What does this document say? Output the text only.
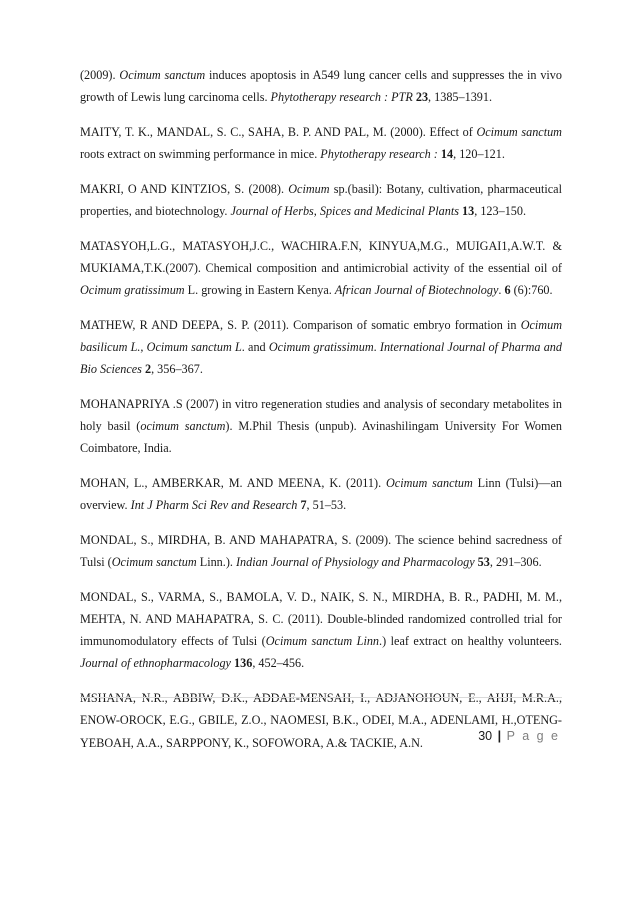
(2009). Ocimum sanctum induces apoptosis in A549 lung cancer cells and suppresses the in vivo growth of Lewis lung carcinoma cells. Phytotherapy research : PTR 23, 1385–1391.

MAITY, T. K., MANDAL, S. C., SAHA, B. P. AND PAL, M. (2000). Effect of Ocimum sanctum roots extract on swimming performance in mice. Phytotherapy research : 14, 120–121.

MAKRI, O AND KINTZIOS, S. (2008). Ocimum sp.(basil): Botany, cultivation, pharmaceutical properties, and biotechnology. Journal of Herbs, Spices and Medicinal Plants 13, 123–150.

MATASYOH,L.G., MATASYOH,J.C., WACHIRA.F.N, KINYUA,M.G., MUIGAI1,A.W.T. & MUKIAMA,T.K.(2007). Chemical composition and antimicrobial activity of the essential oil of Ocimum gratissimum L. growing in Eastern Kenya. African Journal of Biotechnology. 6 (6):760.

MATHEW, R AND DEEPA, S. P. (2011). Comparison of somatic embryo formation in Ocimum basilicum L., Ocimum sanctum L. and Ocimum gratissimum. International Journal of Pharma and Bio Sciences 2, 356–367.

MOHANAPRIYA .S (2007) in vitro regeneration studies and analysis of secondary metabolites in holy basil (ocimum sanctum). M.Phil Thesis (unpub). Avinashilingam University For Women Coimbatore, India.

MOHAN, L., AMBERKAR, M. AND MEENA, K. (2011). Ocimum sanctum Linn (Tulsi)—an overview. Int J Pharm Sci Rev and Research 7, 51–53.

MONDAL, S., MIRDHA, B. AND MAHAPATRA, S. (2009). The science behind sacredness of Tulsi (Ocimum sanctum Linn.). Indian Journal of Physiology and Pharmacology 53, 291–306.

MONDAL, S., VARMA, S., BAMOLA, V. D., NAIK, S. N., MIRDHA, B. R., PADHI, M. M., MEHTA, N. AND MAHAPATRA, S. C. (2011). Double-blinded randomized controlled trial for immunomodulatory effects of Tulsi (Ocimum sanctum Linn.) leaf extract on healthy volunteers. Journal of ethnopharmacology 136, 452–456.

MSHANA, N.R., ABBIW, D.K., ADDAE-MENSAH, I., ADJANOHOUN, E., AHJI, M.R.A., ENOW-OROCK, E.G., GBILE, Z.O., NAOMESI, B.K., ODEI, M.A., ADENLAMI, H.,OTENG-YEBOAH, A.A., SARPPONY, K., SOFOWORA, A.& TACKIE, A.N.	30 | P a g e
